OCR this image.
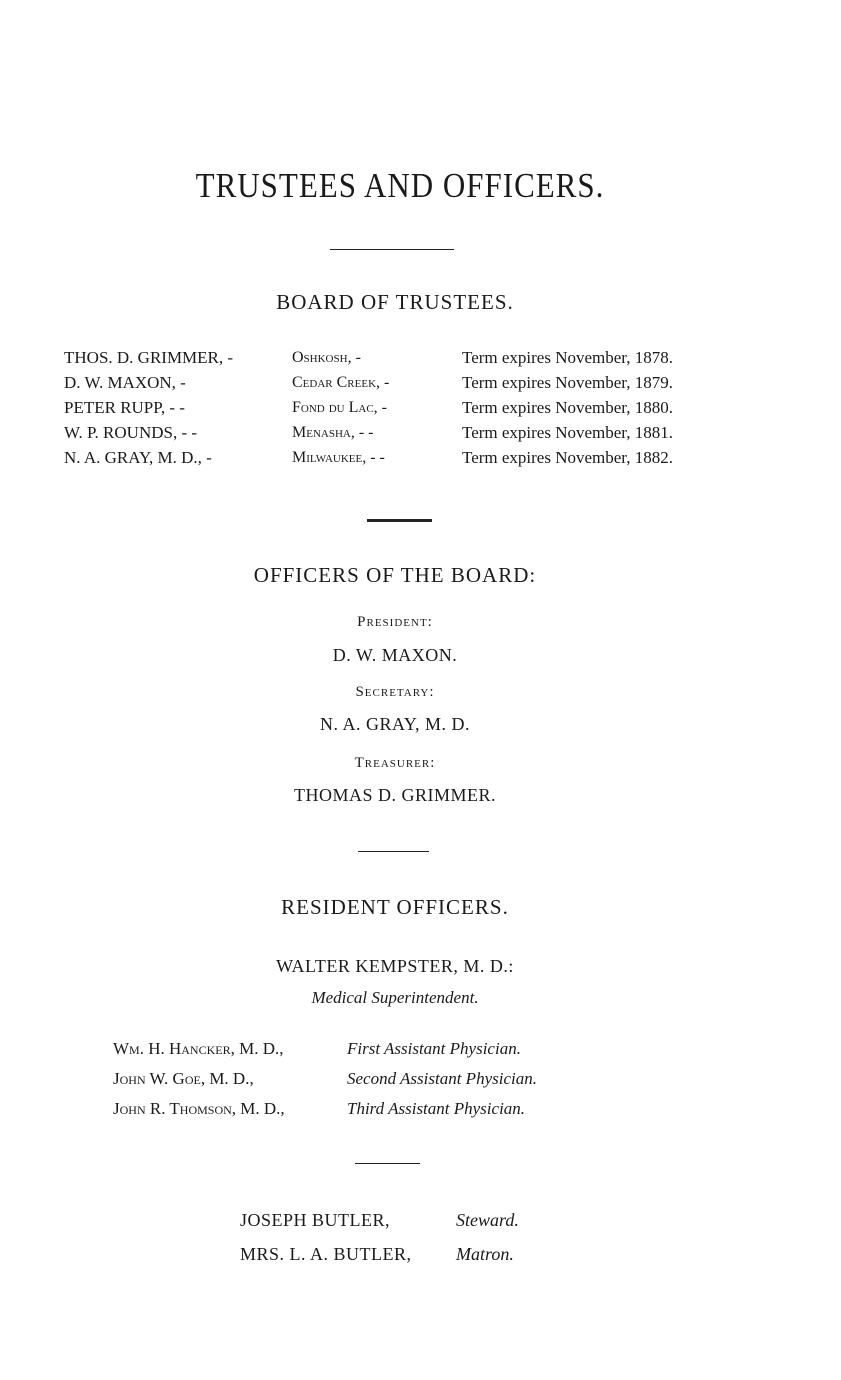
TRUSTEES AND OFFICERS.
BOARD OF TRUSTEES.
THOS. D. GRIMMER, -	Oshkosh, -	Term expires November, 1878.
D. W. MAXON, -	Cedar Creek, -	Term expires November, 1879.
PETER RUPP, - -	Fond du Lac, -	Term expires November, 1880.
W. P. ROUNDS, - -	Menasha, - -	Term expires November, 1881.
N. A. GRAY, M. D., -	Milwaukee, - -	Term expires November, 1882.
OFFICERS OF THE BOARD:
President:
D. W. MAXON.
Secretary:
N. A. GRAY, M. D.
Treasurer:
THOMAS D. GRIMMER.
RESIDENT OFFICERS.
WALTER KEMPSTER, M. D.:
Medical Superintendent.
Wm. H. Hancker, M. D.,	First Assistant Physician.
John W. Goe, M. D.,	Second Assistant Physician.
John R. Thomson, M. D.,	Third Assistant Physician.
JOSEPH BUTLER,	Steward.
MRS. L. A. BUTLER,	Matron.
